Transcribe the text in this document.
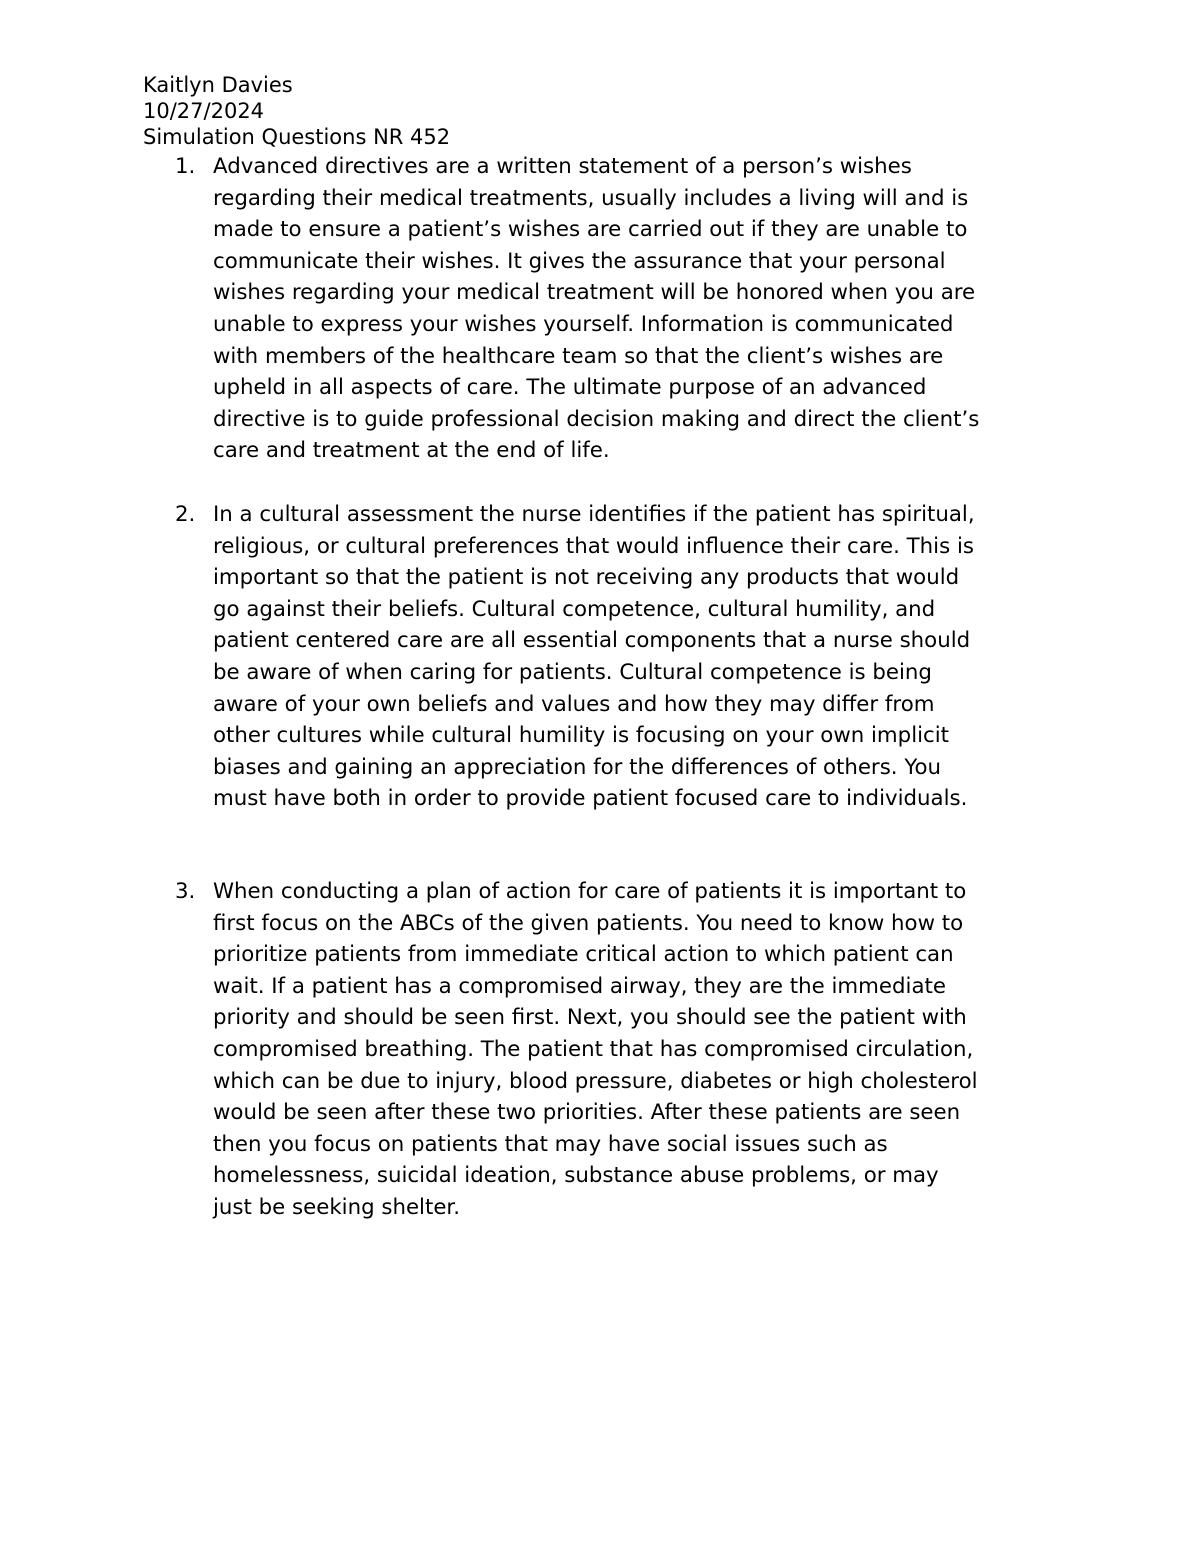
Kaitlyn Davies
10/27/2024
Simulation Questions NR 452
1. Advanced directives are a written statement of a person’s wishes
regarding their medical treatments, usually includes a living will and is
made to ensure a patient’s wishes are carried out if they are unable to
communicate their wishes. It gives the assurance that your personal
wishes regarding your medical treatment will be honored when you are
unable to express your wishes yourself. Information is communicated
with members of the healthcare team so that the client’s wishes are
upheld in all aspects of care. The ultimate purpose of an advanced
directive is to guide professional decision making and direct the client’s
care and treatment at the end of life.
2. In a cultural assessment the nurse identifies if the patient has spiritual,
religious, or cultural preferences that would influence their care. This is
important so that the patient is not receiving any products that would
go against their beliefs. Cultural competence, cultural humility, and
patient centered care are all essential components that a nurse should
be aware of when caring for patients. Cultural competence is being
aware of your own beliefs and values and how they may differ from
other cultures while cultural humility is focusing on your own implicit
biases and gaining an appreciation for the differences of others. You
must have both in order to provide patient focused care to individuals.
3. When conducting a plan of action for care of patients it is important to
first focus on the ABCs of the given patients. You need to know how to
prioritize patients from immediate critical action to which patient can
wait. If a patient has a compromised airway, they are the immediate
priority and should be seen first. Next, you should see the patient with
compromised breathing. The patient that has compromised circulation,
which can be due to injury, blood pressure, diabetes or high cholesterol
would be seen after these two priorities. After these patients are seen
then you focus on patients that may have social issues such as
homelessness, suicidal ideation, substance abuse problems, or may
just be seeking shelter.
